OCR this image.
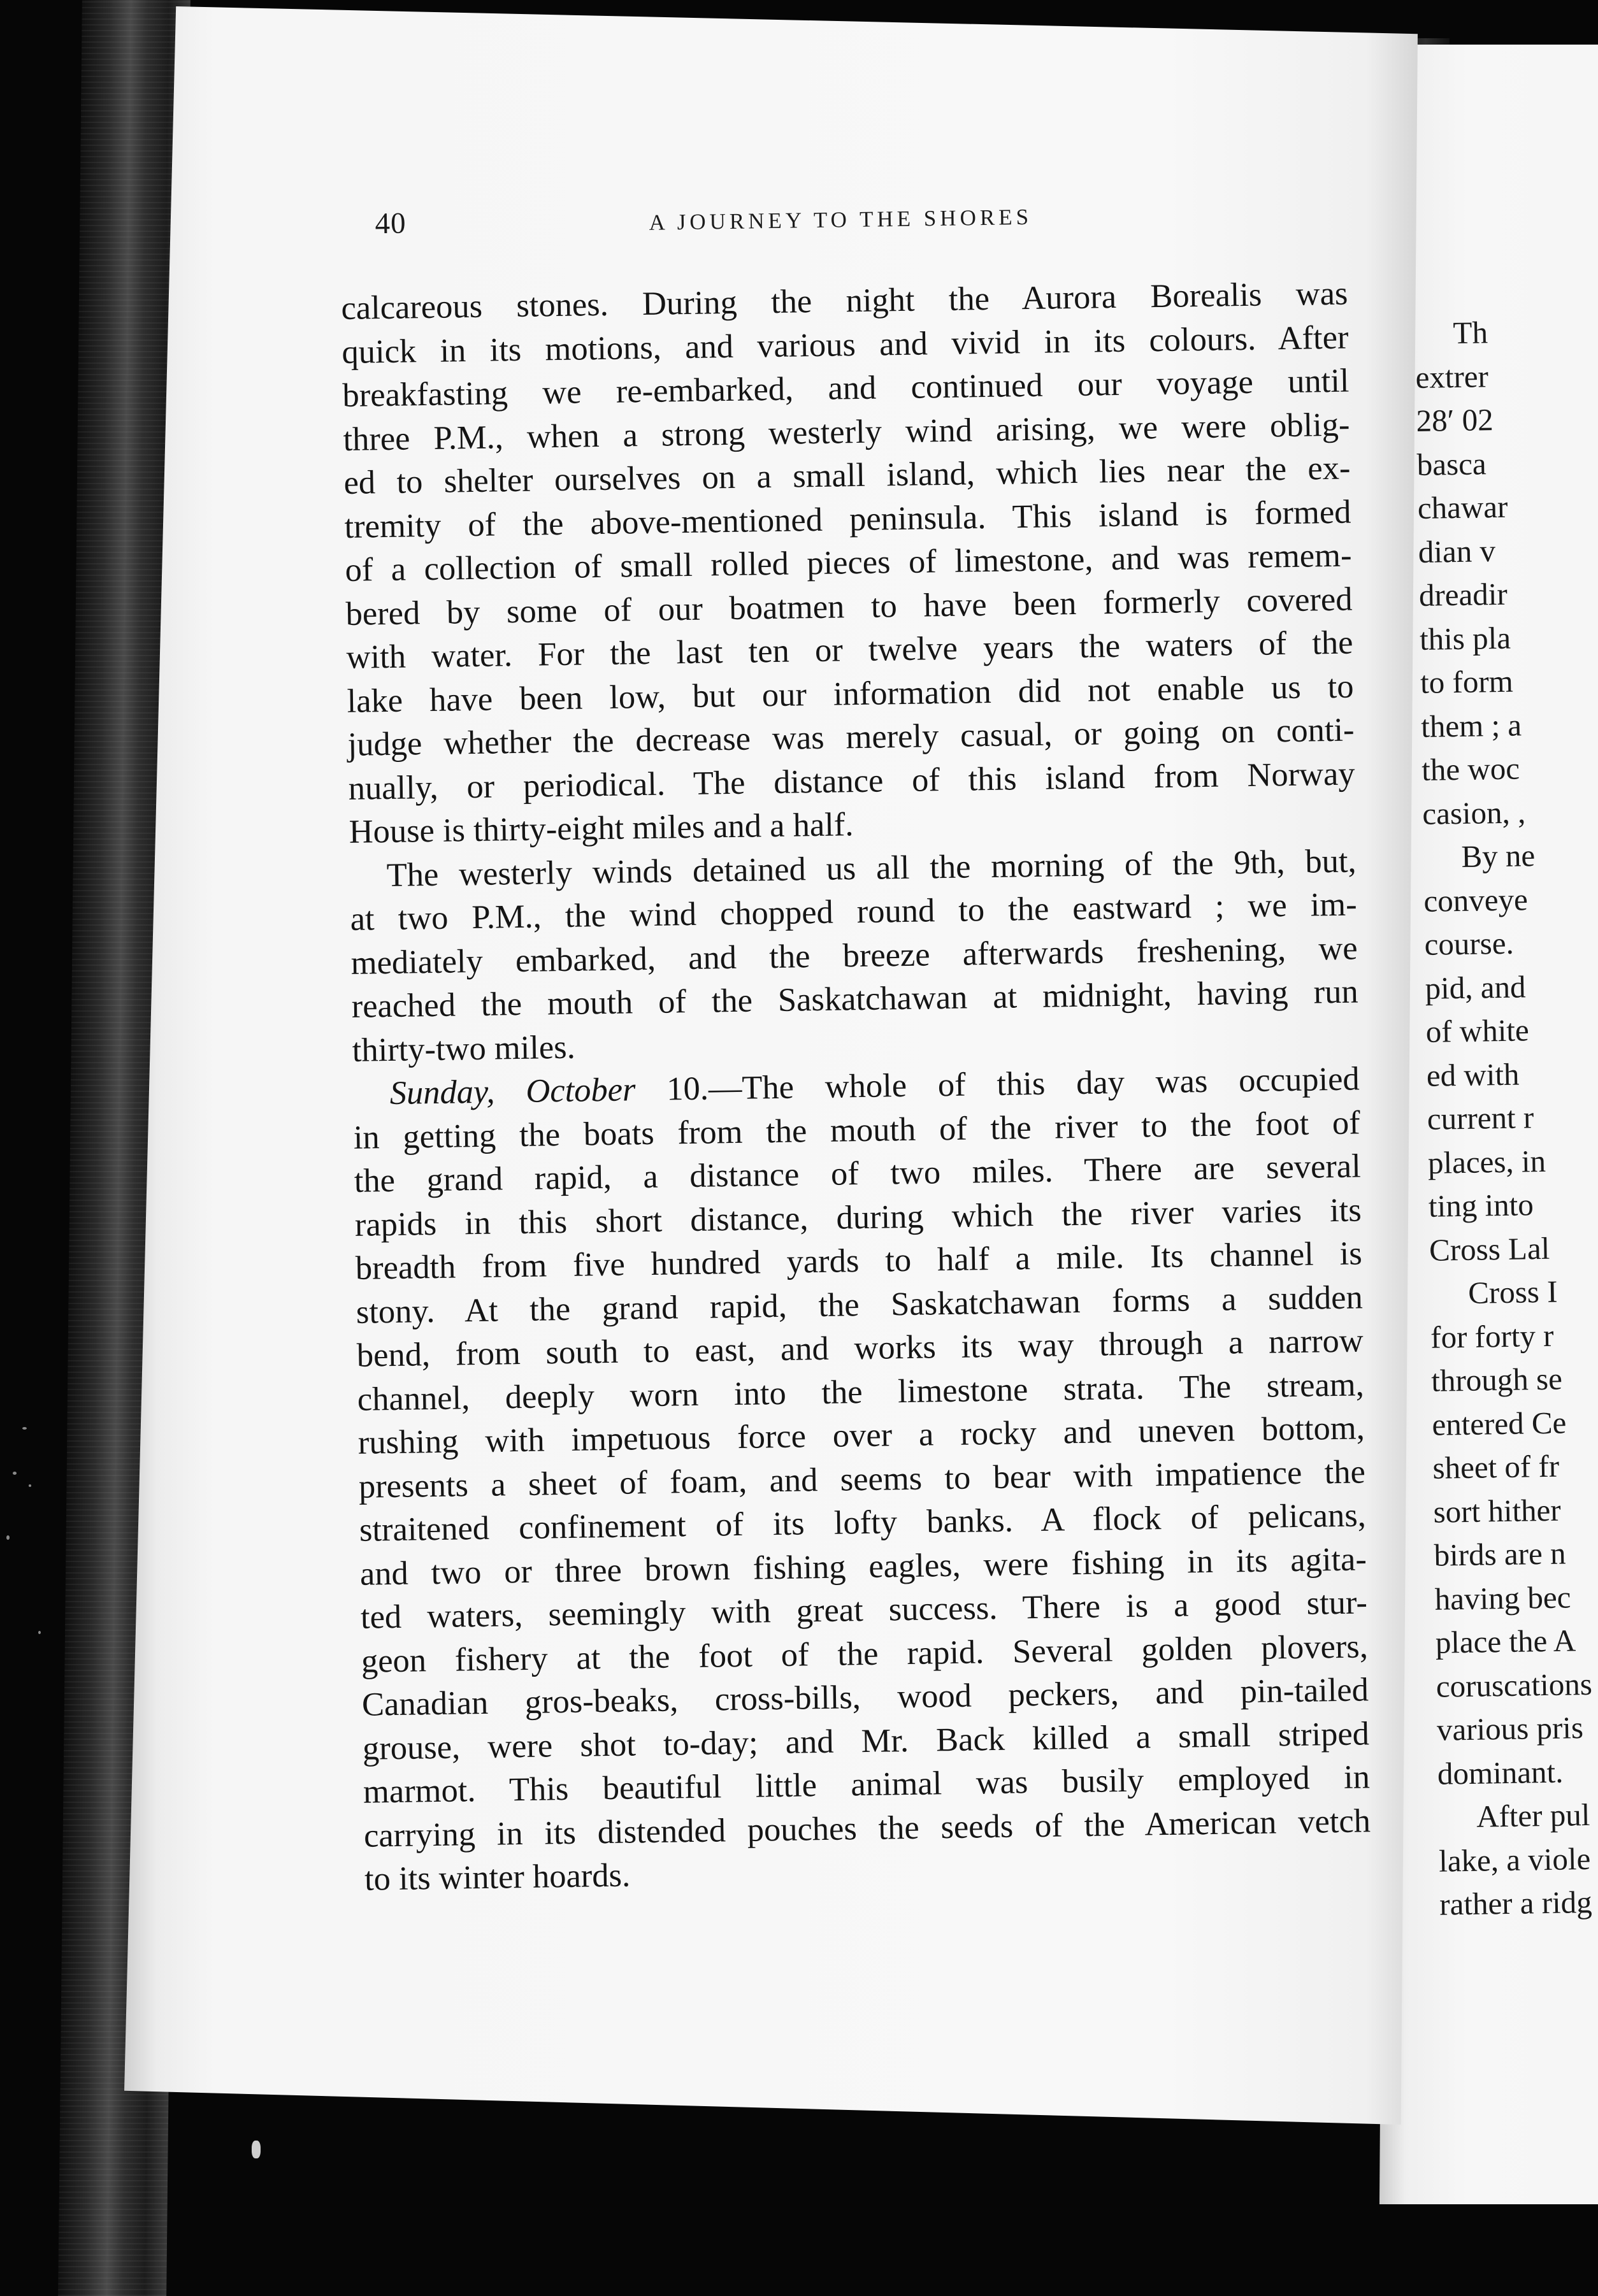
40	A JOURNEY TO THE SHORES
calcareous stones. During the night the Aurora Borealis was
quick in its motions, and various and vivid in its colours. After
breakfasting we re-embarked, and continued our voyage until
three P.M., when a strong westerly wind arising, we were oblig-
ed to shelter ourselves on a small island, which lies near the ex-
tremity of the above-mentioned peninsula. This island is formed
of a collection of small rolled pieces of limestone, and was remem-
bered by some of our boatmen to have been formerly covered
with water. For the last ten or twelve years the waters of the
lake have been low, but our information did not enable us to
judge whether the decrease was merely casual, or going on conti-
nually, or periodical. The distance of this island from Norway
House is thirty-eight miles and a half.
The westerly winds detained us all the morning of the 9th, but,
at two P.M., the wind chopped round to the eastward ; we im-
mediately embarked, and the breeze afterwards freshening, we
reached the mouth of the Saskatchawan at midnight, having run
thirty-two miles.
Sunday, October 10.—The whole of this day was occupied
in getting the boats from the mouth of the river to the foot of
the grand rapid, a distance of two miles. There are several
rapids in this short distance, during which the river varies its
breadth from five hundred yards to half a mile. Its channel is
stony. At the grand rapid, the Saskatchawan forms a sudden
bend, from south to east, and works its way through a narrow
channel, deeply worn into the limestone strata. The stream,
rushing with impetuous force over a rocky and uneven bottom,
presents a sheet of foam, and seems to bear with impatience the
straitened confinement of its lofty banks. A flock of pelicans,
and two or three brown fishing eagles, were fishing in its agita-
ted waters, seemingly with great success. There is a good stur-
geon fishery at the foot of the rapid. Several golden plovers,
Canadian gros-beaks, cross-bills, wood peckers, and pin-tailed
grouse, were shot to-day; and Mr. Back killed a small striped
marmot. This beautiful little animal was busily employed in
carrying in its distended pouches the seeds of the American vetch
to its winter hoards.
Th
extrer
28′ 02
basca
chawar
dian v
dreadir
this pla
to form
them ; a
the woc
casion, ,
By ne
conveye
course.
pid, and
of white
ed with
current r
places, in
ting into
Cross Lal
Cross I
for forty r
through se
entered Ce
sheet of fr
sort hither
birds are n
having bec
place the A
coruscations
various pris
dominant.
After pul
lake, a viole
rather a ridg
